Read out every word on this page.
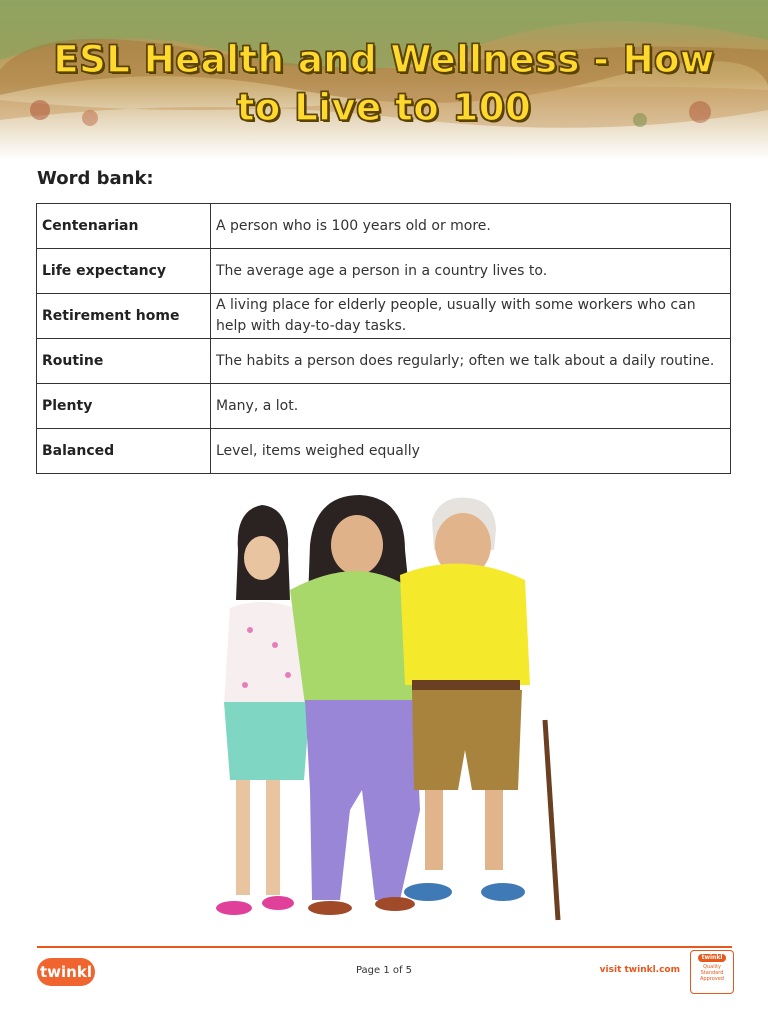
ESL Health and Wellness - How to Live to 100
Word bank:
Centenarian	A person who is 100 years old or more.
Life expectancy	The average age a person in a country lives to.
Retirement home	A living place for elderly people, usually with some workers who can help with day-to-day tasks.
Routine	The habits a person does regularly; often we talk about a daily routine.
Plenty	Many, a lot.
Balanced	Level, items weighed equally
twinkl	Page 1 of 5	visit twinkl.com
twinkl
Quality Standard Approved
